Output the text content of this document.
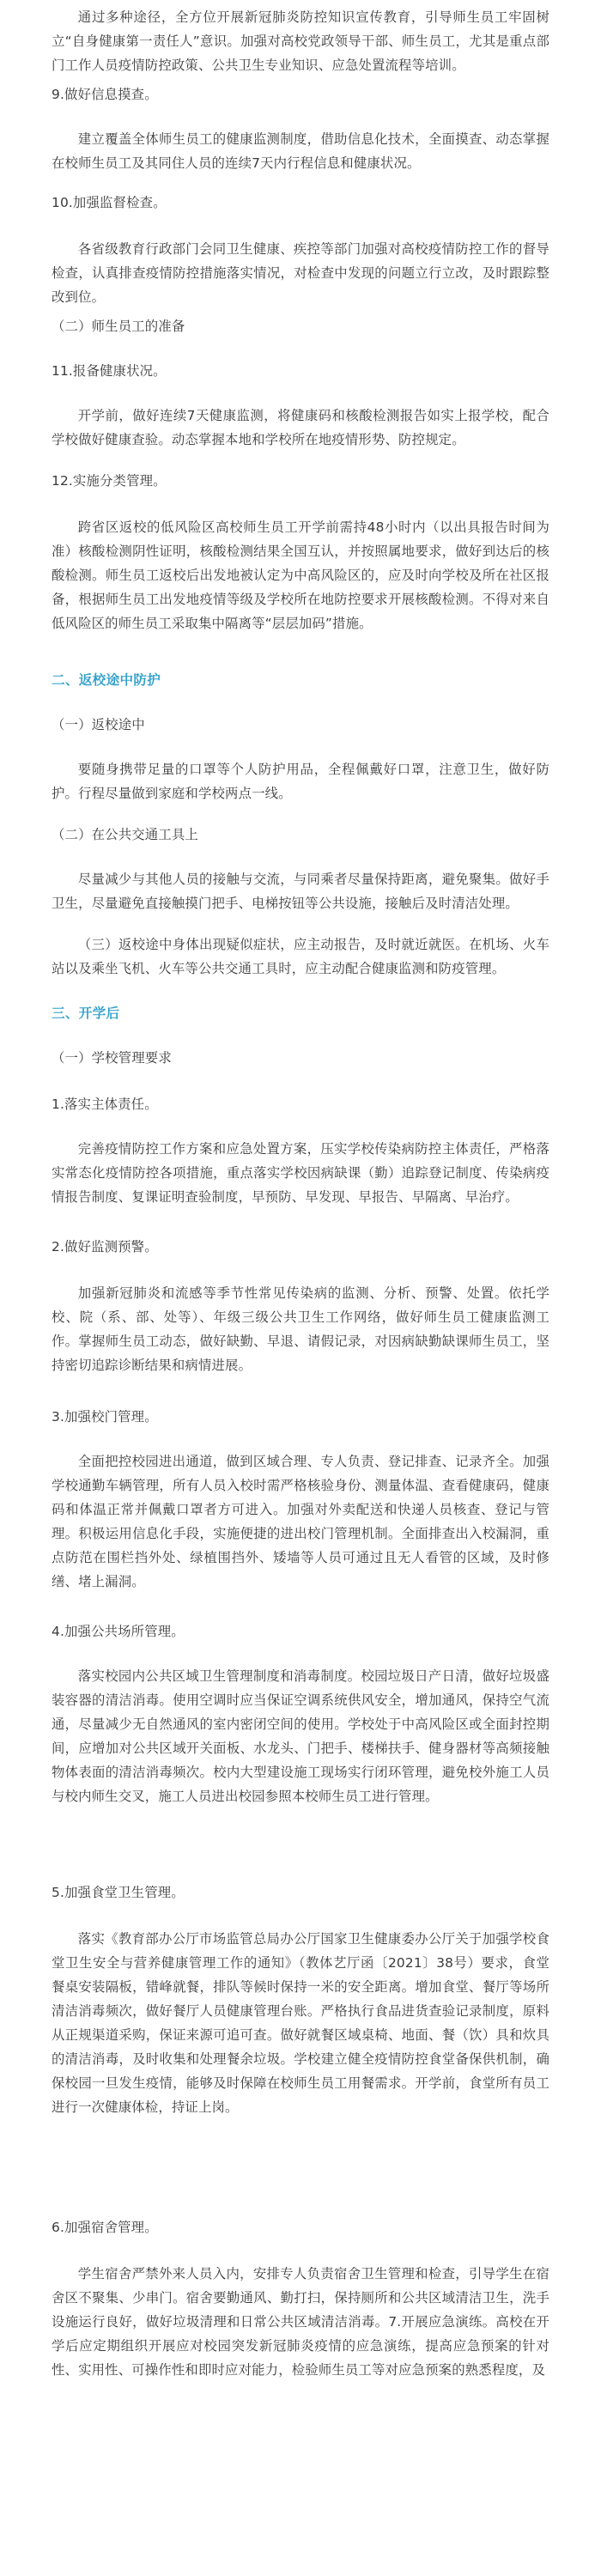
通过多种途径，全方位开展新冠肺炎防控知识宣传教育，引导师生员工牢固树立“自身健康第一责任人”意识。加强对高校党政领导干部、师生员工，尤其是重点部门工作人员疫情防控政策、公共卫生专业知识、应急处置流程等培训。

9.做好信息摸查。

建立覆盖全体师生员工的健康监测制度，借助信息化技术，全面摸查、动态掌握在校师生员工及其同住人员的连续7天内行程信息和健康状况。

10.加强监督检查。

各省级教育行政部门会同卫生健康、疾控等部门加强对高校疫情防控工作的督导检查，认真排查疫情防控措施落实情况，对检查中发现的问题立行立改，及时跟踪整改到位。

（二）师生员工的准备

11.报备健康状况。

开学前，做好连续7天健康监测，将健康码和核酸检测报告如实上报学校，配合学校做好健康查验。动态掌握本地和学校所在地疫情形势、防控规定。

12.实施分类管理。

跨省区返校的低风险区高校师生员工开学前需持48小时内（以出具报告时间为准）核酸检测阴性证明，核酸检测结果全国互认，并按照属地要求，做好到达后的核酸检测。师生员工返校后出发地被认定为中高风险区的，应及时向学校及所在社区报备，根据师生员工出发地疫情等级及学校所在地防控要求开展核酸检测。不得对来自低风险区的师生员工采取集中隔离等“层层加码”措施。

二、返校途中防护

（一）返校途中

要随身携带足量的口罩等个人防护用品，全程佩戴好口罩，注意卫生，做好防护。行程尽量做到家庭和学校两点一线。

（二）在公共交通工具上

尽量减少与其他人员的接触与交流，与同乘者尽量保持距离，避免聚集。做好手卫生，尽量避免直接触摸门把手、电梯按钮等公共设施，接触后及时清洁处理。

（三）返校途中身体出现疑似症状，应主动报告，及时就近就医。在机场、火车站以及乘坐飞机、火车等公共交通工具时，应主动配合健康监测和防疫管理。

三、开学后

（一）学校管理要求

1.落实主体责任。

完善疫情防控工作方案和应急处置方案，压实学校传染病防控主体责任，严格落实常态化疫情防控各项措施，重点落实学校因病缺课（勤）追踪登记制度、传染病疫情报告制度、复课证明查验制度，早预防、早发现、早报告、早隔离、早治疗。

2.做好监测预警。

加强新冠肺炎和流感等季节性常见传染病的监测、分析、预警、处置。依托学校、院（系、部、处等）、年级三级公共卫生工作网络，做好师生员工健康监测工作。掌握师生员工动态，做好缺勤、早退、请假记录，对因病缺勤缺课师生员工，坚持密切追踪诊断结果和病情进展。

3.加强校门管理。

全面把控校园进出通道，做到区域合理、专人负责、登记排查、记录齐全。加强学校通勤车辆管理，所有人员入校时需严格核验身份、测量体温、查看健康码，健康码和体温正常并佩戴口罩者方可进入。加强对外卖配送和快递人员核查、登记与管理。积极运用信息化手段，实施便捷的进出校门管理机制。全面排查出入校漏洞，重点防范在围栏挡外处、绿植围挡外、矮墙等人员可通过且无人看管的区域，及时修缮、堵上漏洞。

4.加强公共场所管理。

落实校园内公共区域卫生管理制度和消毒制度。校园垃圾日产日清，做好垃圾盛装容器的清洁消毒。使用空调时应当保证空调系统供风安全，增加通风，保持空气流通，尽量减少无自然通风的室内密闭空间的使用。学校处于中高风险区或全面封控期间，应增加对公共区域开关面板、水龙头、门把手、楼梯扶手、健身器材等高频接触物体表面的清洁消毒频次。校内大型建设施工现场实行闭环管理，避免校外施工人员与校内师生交叉，施工人员进出校园参照本校师生员工进行管理。

5.加强食堂卫生管理。

落实《教育部办公厅市场监管总局办公厅国家卫生健康委办公厅关于加强学校食堂卫生安全与营养健康管理工作的通知》（教体艺厅函〔2021〕38号）要求，食堂餐桌安装隔板，错峰就餐，排队等候时保持一米的安全距离。增加食堂、餐厅等场所清洁消毒频次，做好餐厅人员健康管理台账。严格执行食品进货查验记录制度，原料从正规渠道采购，保证来源可追可查。做好就餐区域桌椅、地面、餐（饮）具和炊具的清洁消毒，及时收集和处理餐余垃圾。学校建立健全疫情防控食堂备保供机制，确保校园一旦发生疫情，能够及时保障在校师生员工用餐需求。开学前，食堂所有员工进行一次健康体检，持证上岗。

6.加强宿舍管理。

学生宿舍严禁外来人员入内，安排专人负责宿舍卫生管理和检查，引导学生在宿舍区不聚集、少串门。宿舍要勤通风、勤打扫，保持厕所和公共区域清洁卫生，洗手设施运行良好，做好垃圾清理和日常公共区域清洁消毒。7.开展应急演练。高校在开学后应定期组织开展应对校园突发新冠肺炎疫情的应急演练，提高应急预案的针对性、实用性、可操作性和即时应对能力，检验师生员工等对应急预案的熟悉程度，及
